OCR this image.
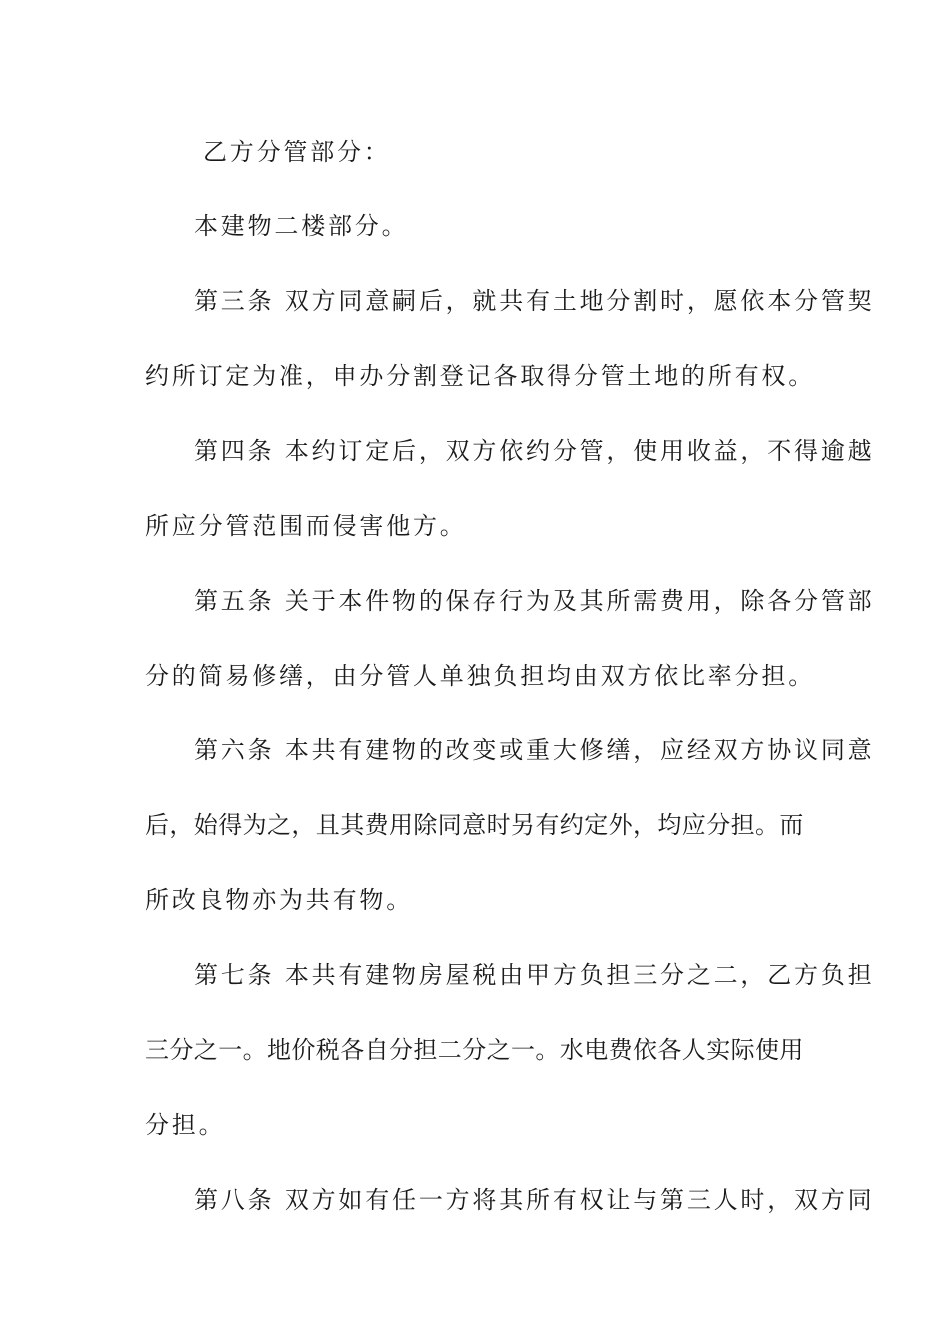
乙方分管部分：
本建物二楼部分。
第三条 双方同意嗣后，就共有土地分割时，愿依本分管契
约所订定为准，申办分割登记各取得分管土地的所有权。
第四条 本约订定后，双方依约分管，使用收益，不得逾越
所应分管范围而侵害他方。
第五条 关于本件物的保存行为及其所需费用，除各分管部
分的简易修缮，由分管人单独负担均由双方依比率分担。
第六条 本共有建物的改变或重大修缮，应经双方协议同意
后，始得为之，且其费用除同意时另有约定外，均应分担。而
所改良物亦为共有物。
第七条 本共有建物房屋税由甲方负担三分之二，乙方负担
三分之一。地价税各自分担二分之一。水电费依各人实际使用
分担。
第八条 双方如有任一方将其所有权让与第三人时，双方同
